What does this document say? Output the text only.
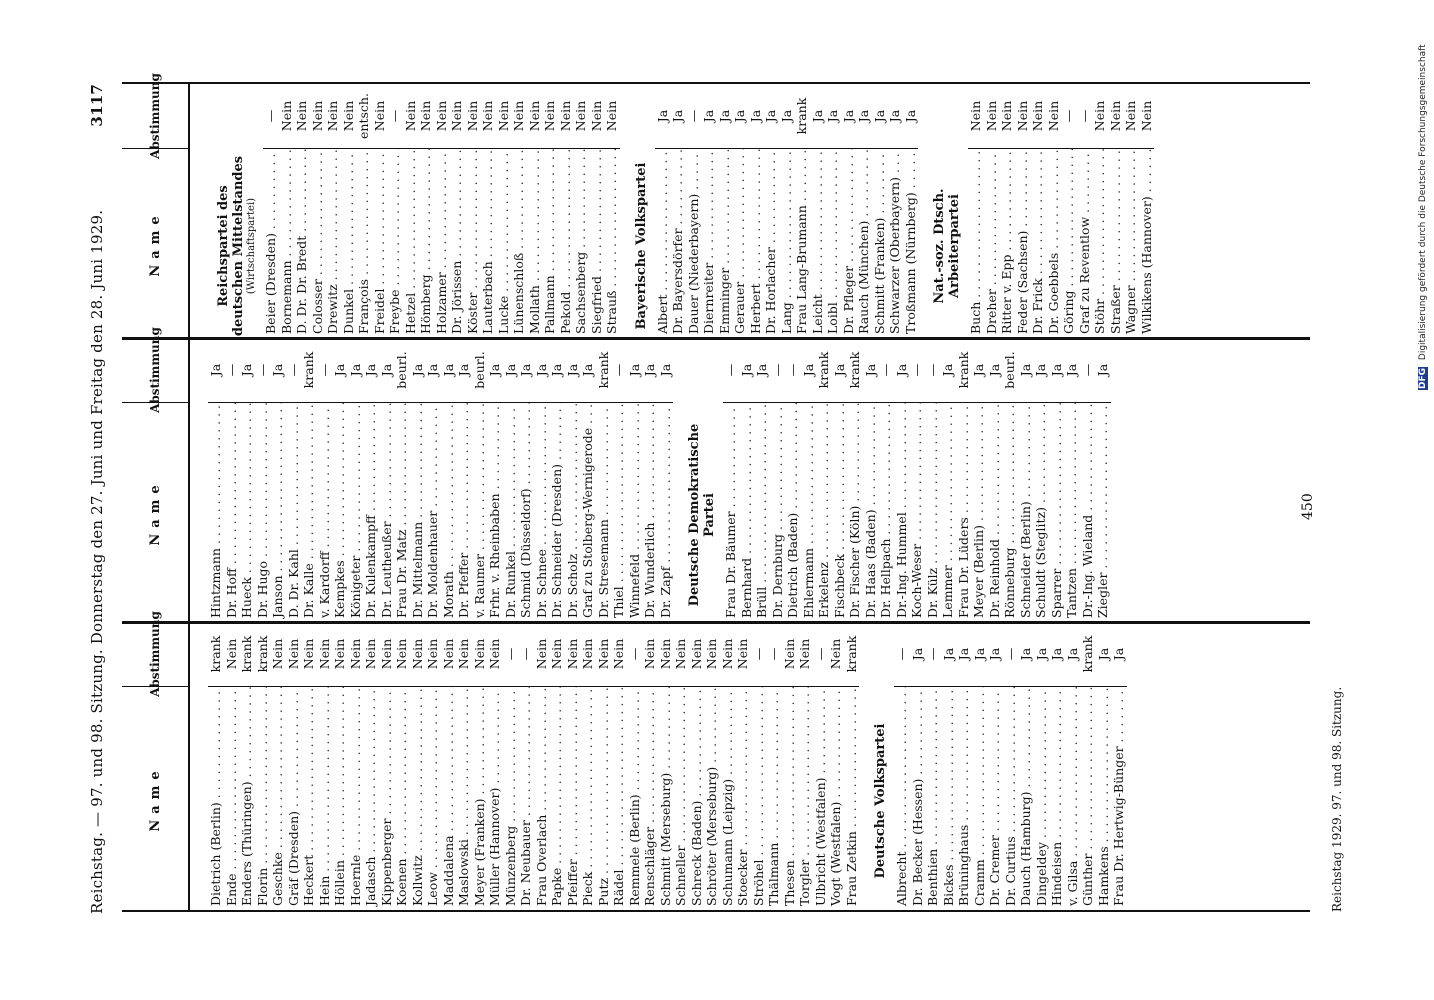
DFG Digitalisierung gefördert durch die Deutsche Forschungsgemeinschaft
Reichstag. — 97. und 98. Sitzung. Donnerstag den 27. Juni und Freitag den 28. Juni 1929.
3117
Name
Abstimmung
Dietrich (Berlin) . . .
krank
Ende . . .
Nein
Enders (Thüringen) . . .
krank
Florin . . .
krank
Geschke . . .
Nein
Gräf (Dresden) . . .
Nein
Heckert . . .
Nein
Hein . . .
Nein
Höllein . . .
Nein
Hoernle . . .
Nein
Jadasch . . .
Nein
Kippenberger . . .
Nein
Koenen . . .
Nein
Kollwitz . . .
Nein
Leow . . .
Nein
Maddalena . . .
Nein
Maslowski . . .
Nein
Meyer (Franken) . . .
Nein
Müller (Hannover) . . .
Nein
Münzenberg . . .
—
Dr. Neubauer . . .
—
Frau Overlach . . .
Nein
Papke . . .
Nein
Pfeiffer . . .
Nein
Pieck . . .
Nein
Putz . . .
Nein
Rädel . . .
Nein
Remmele (Berlin) . . .
—
Renschläger . . .
Nein
Schmitt (Merseburg) . . .
Nein
Schneller . . .
Nein
Schreck (Baden) . . .
Nein
Schröter (Merseburg) . . .
Nein
Schumann (Leipzig) . . .
Nein
Stoecker . . .
Nein
Ströhel . . .
—
Thälmann . . .
—
Thesen . . .
Nein
Torgler . . .
Nein
Ulbricht (Westfalen) . . .
—
Vogt (Westfalen) . . .
Nein
Frau Zetkin . . .
krank
Deutsche Volkspartei
Albrecht . . .
—
Dr. Becker (Hessen) . . .
Ja
Benthien . . .
—
Bickes . . .
Ja
Brüninghaus . . .
Ja
Cramm . . .
Ja
Dr. Cremer . . .
Ja
Dr. Curtius . . .
—
Dauch (Hamburg) . . .
Ja
Dingeldey . . .
Ja
Hindeisen . . .
Ja
v. Gilsa . . .
Ja
Günther . . .
krank
Hamkens . . .
Ja
Frau Dr. Hertwig-Bünger . . .
Ja
Name
Abstimmung
Hintzmann . . .
Ja
Dr. Hoff . . .
—
Hueck . . .
Ja
Dr. Hugo . . .
—
Janson . . .
Ja
D. Dr. Kahl . . .
—
Dr. Kalle . . .
krank
v. Kardorff . . .
—
Kempkes . . .
Ja
Königeter . . .
Ja
Dr. Kulenkampff . . .
Ja
Dr. Leutheußer . . .
Ja
Frau Dr. Matz . . .
beurl.
Dr. Mittelmann . . .
Ja
Dr. Moldenhauer . . .
Ja
Morath . . .
Ja
Dr. Pfeffer . . .
Ja
v. Raumer . . .
beurl.
Frhr. v. Rheinbaben . . .
Ja
Dr. Runkel . . .
Ja
Schmid (Düsseldorf) . . .
Ja
Dr. Schnee . . .
Ja
Dr. Schneider (Dresden) . . .
Ja
Dr. Scholz . . .
Ja
Graf zu Stolberg-Wernigerode . . .
Ja
Dr. Stresemann . . .
krank
Thiel . . .
—
Winnefeld . . .
Ja
Dr. Wunderlich . . .
Ja
Dr. Zapf . . .
Ja
Deutsche Demokratische Partei Frau Dr. Bäumer . . .
—
Bernhard . . .
Ja
Brüll . . .
Ja
Dr. Dernburg . . .
—
Dietrich (Baden) . . .
—
Ehlermann . . .
Ja
Erkelenz . . .
krank
Fischbeck . . .
Ja
Dr. Fischer (Köln) . . .
krank
Dr. Haas (Baden) . . .
Ja
Dr. Hellpach . . .
—
Dr.-Ing. Hummel . . .
Ja
Koch-Weser . . .
—
Dr. Külz . . .
—
Lemmer . . .
Ja
Frau Dr. Lüders . . .
krank
Meyer (Berlin) . . .
Ja
Dr. Reinhold . . .
Ja
Rönneburg . . .
beurl.
Schneider (Berlin) . . .
Ja
Schuldt (Steglitz) . . .
Ja
Sparrer . . .
Ja
Tantzen . . .
Ja
Dr.-Ing. Wieland . . .
—
Ziegler . . .
Ja
Name
Abstimmung
Reichspartei des deutschen Mittelstandes (Wirtschaftspartei) Beier (Dresden) . . .
—
Bornemann . . .
Nein
D. Dr. Dr. Bredt . . .
Nein
Colosser . . .
Nein
Drewitz . . .
Nein
Dunkel . . .
Nein
François . . .
entsch.
Freidel . . .
Nein
Freybe . . .
—
Hetzel . . .
Nein
Hömberg . . .
Nein
Holzamer . . .
Nein
Dr. Jörissen . . .
Nein
Köster . . .
Nein
Lauterbach . . .
Nein
Lucke . . .
Nein
Lünenschloß . . .
Nein
Mollath . . .
Nein
Pallmann . . .
Nein
Pekold . . .
Nein
Sachsenberg . . .
Nein
Siegfried . . .
Nein
Strauß . . .
Nein
Bayerische Volkspartei Albert . . .
Ja
Dr. Bayersdörfer . . .
Ja
Dauer (Niederbayern) . . .
—
Diernreiter . . .
Ja
Emminger . . .
Ja
Gerauer . . .
Ja
Herbert . . .
Ja
Dr. Horlacher . . .
Ja
Lang . . .
Ja
Frau Lang-Brumann . . .
krank
Leicht . . .
Ja
Loibl . . .
Ja
Dr. Pfleger . . .
Ja
Rauch (München) . . .
Ja
Schmitt (Franken) . . .
Ja
Schwarzer (Oberbayern) . . .
Ja
Troßmann (Nürnberg) . . .
Ja
Nat.-soz. Dtsch. Arbeiterpartei
Buch . . .
Nein
Dreher . . .
Nein
Ritter v. Epp . . .
Nein
Feder (Sachsen) . . .
Nein
Dr. Frick . . .
Nein
Dr. Goebbels . . .
Nein
Göring . . .
—
Graf zu Reventlow . . .
—
Stöhr . . .
Nein
Straßer . . .
Nein
Wagner . . .
Nein
Wilkikens (Hannover) . . .
Nein
Reichstag 1929. 97. und 98. Sitzung.
450
